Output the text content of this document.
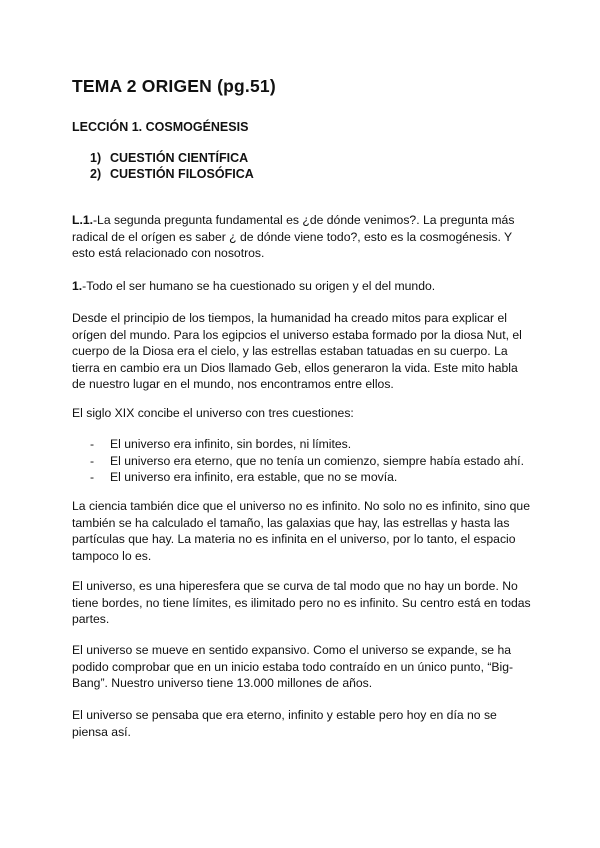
TEMA 2 ORIGEN (pg.51)
LECCIÓN 1. COSMOGÉNESIS
1) CUESTIÓN CIENTÍFICA
2) CUESTIÓN FILOSÓFICA

L.1.-La segunda pregunta fundamental es ¿de dónde venimos?. La pregunta más radical de el orígen es saber ¿ de dónde viene todo?, esto es la cosmogénesis. Y esto está relacionado con nosotros.

1.-Todo el ser humano se ha cuestionado su origen y el del mundo.

Desde el principio de los tiempos, la humanidad ha creado mitos para explicar el orígen del mundo. Para los egipcios el universo estaba formado por la diosa Nut, el cuerpo de la Diosa era el cielo, y las estrellas estaban tatuadas en su cuerpo. La tierra en cambio era un Dios llamado Geb, ellos generaron la vida. Este mito habla de nuestro lugar en el mundo, nos encontramos entre ellos.

El siglo XIX concibe el universo con tres cuestiones:

-	El universo era infinito, sin bordes, ni límites.
-	El universo era eterno, que no tenía un comienzo, siempre había estado ahí.
-	El universo era infinito, era estable, que no se movía.

La ciencia también dice que el universo no es infinito. No solo no es infinito, sino que también se ha calculado el tamaño, las galaxias que hay, las estrellas y hasta las partículas que hay. La materia no es infinita en el universo, por lo tanto, el espacio tampoco lo es.

El universo, es una hiperesfera que se curva de tal modo que no hay un borde. No tiene bordes, no tiene límites, es ilimitado pero no es infinito. Su centro está en todas partes.

El universo se mueve en sentido expansivo. Como el universo se expande, se ha podido comprobar que en un inicio estaba todo contraído en un único punto, “Big-Bang”. Nuestro universo tiene 13.000 millones de años.

El universo se pensaba que era eterno, infinito y estable pero hoy en día no se piensa así.
